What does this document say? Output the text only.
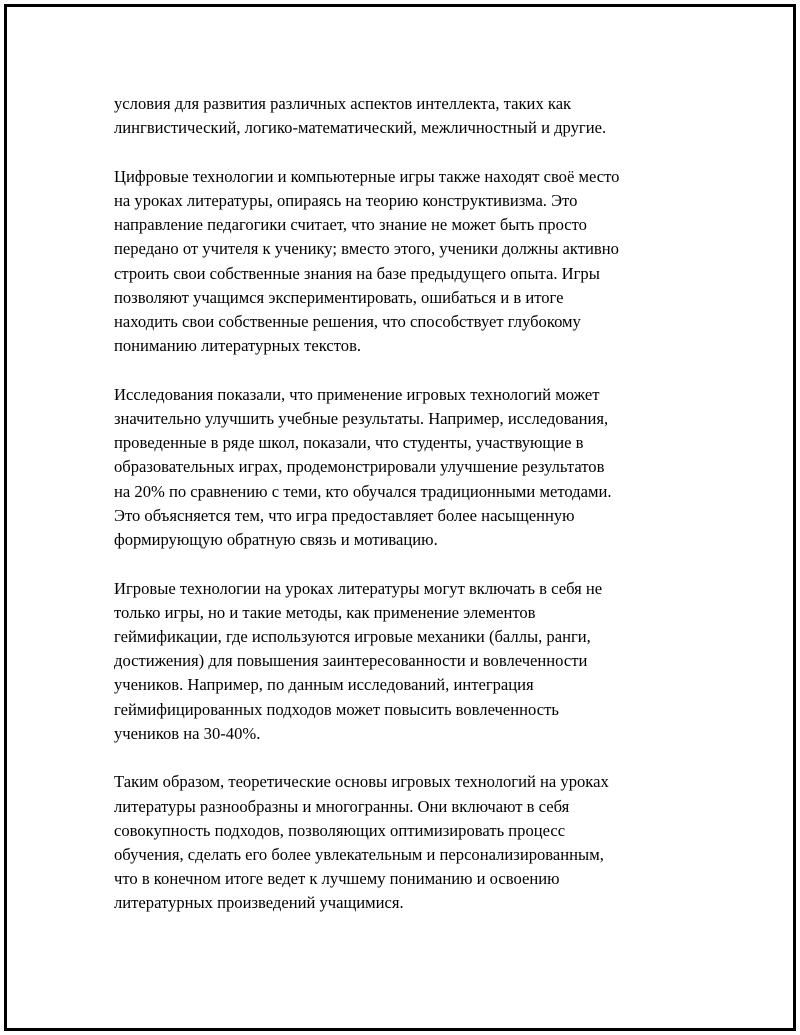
условия для развития различных аспектов интеллекта, таких как
лингвистический, логико-математический, межличностный и другие.

Цифровые технологии и компьютерные игры также находят своё место
на уроках литературы, опираясь на теорию конструктивизма. Это
направление педагогики считает, что знание не может быть просто
передано от учителя к ученику; вместо этого, ученики должны активно
строить свои собственные знания на базе предыдущего опыта. Игры
позволяют учащимся экспериментировать, ошибаться и в итоге
находить свои собственные решения, что способствует глубокому
пониманию литературных текстов.

Исследования показали, что применение игровых технологий может
значительно улучшить учебные результаты. Например, исследования,
проведенные в ряде школ, показали, что студенты, участвующие в
образовательных играх, продемонстрировали улучшение результатов
на 20% по сравнению с теми, кто обучался традиционными методами.
Это объясняется тем, что игра предоставляет более насыщенную
формирующую обратную связь и мотивацию.

Игровые технологии на уроках литературы могут включать в себя не
только игры, но и такие методы, как применение элементов
геймификации, где используются игровые механики (баллы, ранги,
достижения) для повышения заинтересованности и вовлеченности
учеников. Например, по данным исследований, интеграция
геймифицированных подходов может повысить вовлеченность
учеников на 30-40%.

Таким образом, теоретические основы игровых технологий на уроках
литературы разнообразны и многогранны. Они включают в себя
совокупность подходов, позволяющих оптимизировать процесс
обучения, сделать его более увлекательным и персонализированным,
что в конечном итоге ведет к лучшему пониманию и освоению
литературных произведений учащимися.
